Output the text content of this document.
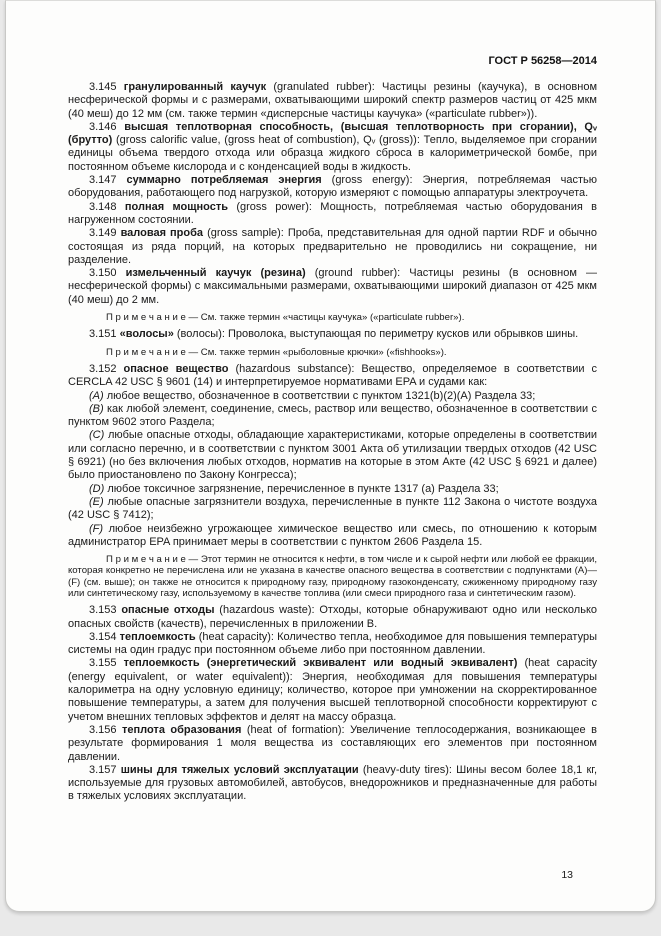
ГОСТ Р 56258—2014

3.145 гранулированный каучук (granulated rubber): Частицы резины (каучука), в основном несферической формы и с размерами, охватывающими широкий спектр размеров частиц от 425 мкм (40 меш) до 12 мм (см. также термин «дисперсные частицы каучука» («particulate rubber»)).

3.146 высшая теплотворная способность, (высшая теплотворность при сгорании), Qᵥ (брутто) (gross calorific value, (gross heat of combustion), Qᵥ (gross)): Тепло, выделяемое при сгорании единицы объема твердого отхода или образца жидкого сброса в калориметрической бомбе, при постоянном объеме кислорода и с конденсацией воды в жидкость.

3.147 суммарно потребляемая энергия (gross energy): Энергия, потребляемая частью оборудования, работающего под нагрузкой, которую измеряют с помощью аппаратуры электроучета.

3.148 полная мощность (gross power): Мощность, потребляемая частью оборудования в нагруженном состоянии.

3.149 валовая проба (gross sample): Проба, представительная для одной партии RDF и обычно состоящая из ряда порций, на которых предварительно не проводились ни сокращение, ни разделение.

3.150 измельченный каучук (резина) (ground rubber): Частицы резины (в основном — несферической формы) с максимальными размерами, охватывающими широкий диапазон от 425 мкм (40 меш) до 2 мм.

П р и м е ч а н и е — См. также термин «частицы каучука» («particulate rubber»).

3.151 «волосы» (волосы): Проволока, выступающая по периметру кусков или обрывков шины.

П р и м е ч а н и е — См. также термин «рыболовные крючки» («fishhooks»).

3.152 опасное вещество (hazardous substance): Вещество, определяемое в соответствии с CERCLA 42 USC § 9601 (14) и интерпретируемое нормативами EPA и судами как:

(A) любое вещество, обозначенное в соответствии с пунктом 1321(b)(2)(A) Раздела 33;

(B) как любой элемент, соединение, смесь, раствор или вещество, обозначенное в соответствии с пунктом 9602 этого Раздела;

(C) любые опасные отходы, обладающие характеристиками, которые определены в соответствии или согласно перечню, и в соответствии с пунктом 3001 Акта об утилизации твердых отходов (42 USC § 6921) (но без включения любых отходов, норматив на которые в этом Акте (42 USC § 6921 и далее) было приостановлено по Закону Конгресса);

(D) любое токсичное загрязнение, перечисленное в пункте 1317 (а) Раздела 33;

(E) любые опасные загрязнители воздуха, перечисленные в пункте 112 Закона о чистоте воздуха (42 USC § 7412);

(F) любое неизбежно угрожающее химическое вещество или смесь, по отношению к которым администратор EPA принимает меры в соответствии с пунктом 2606 Раздела 15.

П р и м е ч а н и е — Этот термин не относится к нефти, в том числе и к сырой нефти или любой ее фракции, которая конкретно не перечислена или не указана в качестве опасного вещества в соответствии с подпунктами (A)—(F) (см. выше); он также не относится к природному газу, природному газоконденсату, сжиженному природному газу или синтетическому газу, используемому в качестве топлива (или смеси природного газа и синтетическим газом).

3.153 опасные отходы (hazardous waste): Отходы, которые обнаруживают одно или несколько опасных свойств (качеств), перечисленных в приложении В.

3.154 теплоемкость (heat capacity): Количество тепла, необходимое для повышения температуры системы на один градус при постоянном объеме либо при постоянном давлении.

3.155 теплоемкость (энергетический эквивалент или водный эквивалент) (heat capacity (energy equivalent, or water equivalent)): Энергия, необходимая для повышения температуры калориметра на одну условную единицу; количество, которое при умножении на скорректированное повышение температуры, а затем для получения высшей теплотворной способности корректируют с учетом внешних тепловых эффектов и делят на массу образца.

3.156 теплота образования (heat of formation): Увеличение теплосодержания, возникающее в результате формирования 1 моля вещества из составляющих его элементов при постоянном давлении.

3.157 шины для тяжелых условий эксплуатации (heavy-duty tires): Шины весом более 18,1 кг, используемые для грузовых автомобилей, автобусов, внедорожников и предназначенные для работы в тяжелых условиях эксплуатации.

13
